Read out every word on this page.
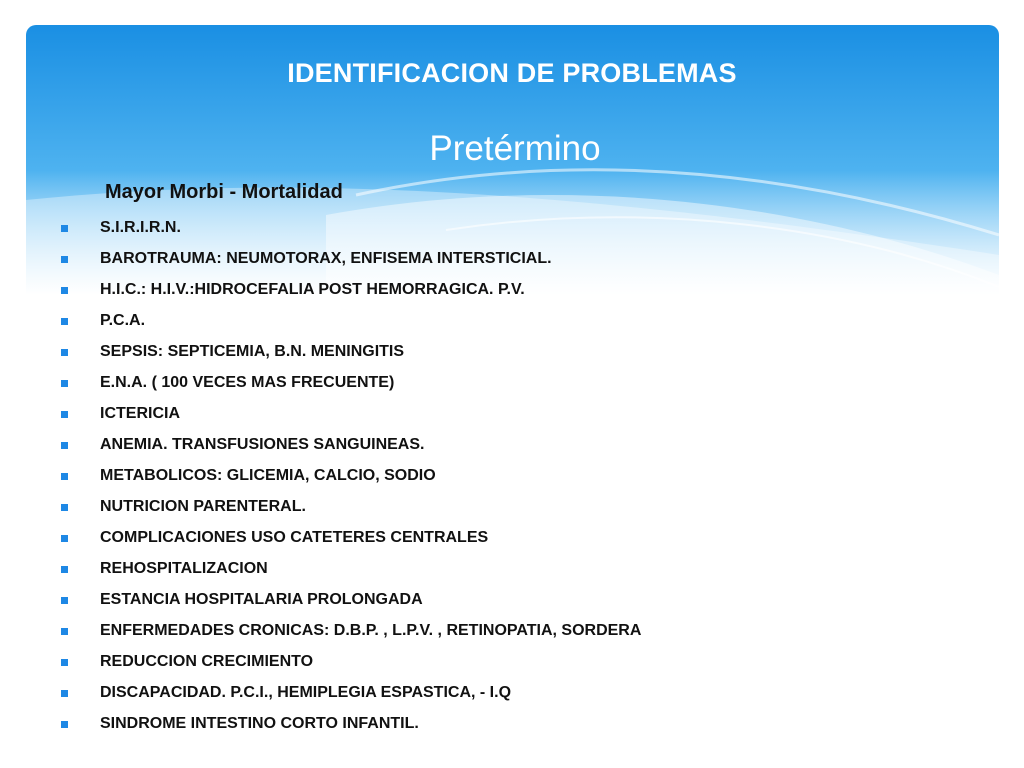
IDENTIFICACION DE PROBLEMAS
Pretérmino
Mayor Morbi - Mortalidad
S.I.R.I.R.N.
BAROTRAUMA: NEUMOTORAX, ENFISEMA INTERSTICIAL.
H.I.C.: H.I.V.:HIDROCEFALIA POST HEMORRAGICA. P.V.
P.C.A.
SEPSIS: SEPTICEMIA, B.N. MENINGITIS
E.N.A. ( 100 VECES MAS FRECUENTE)
ICTERICIA
ANEMIA. TRANSFUSIONES SANGUINEAS.
METABOLICOS: GLICEMIA, CALCIO, SODIO
NUTRICION PARENTERAL.
COMPLICACIONES USO CATETERES CENTRALES
REHOSPITALIZACION
ESTANCIA HOSPITALARIA PROLONGADA
ENFERMEDADES CRONICAS: D.B.P. , L.P.V. , RETINOPATIA, SORDERA
REDUCCION CRECIMIENTO
DISCAPACIDAD. P.C.I., HEMIPLEGIA ESPASTICA, - I.Q
SINDROME INTESTINO CORTO INFANTIL.
